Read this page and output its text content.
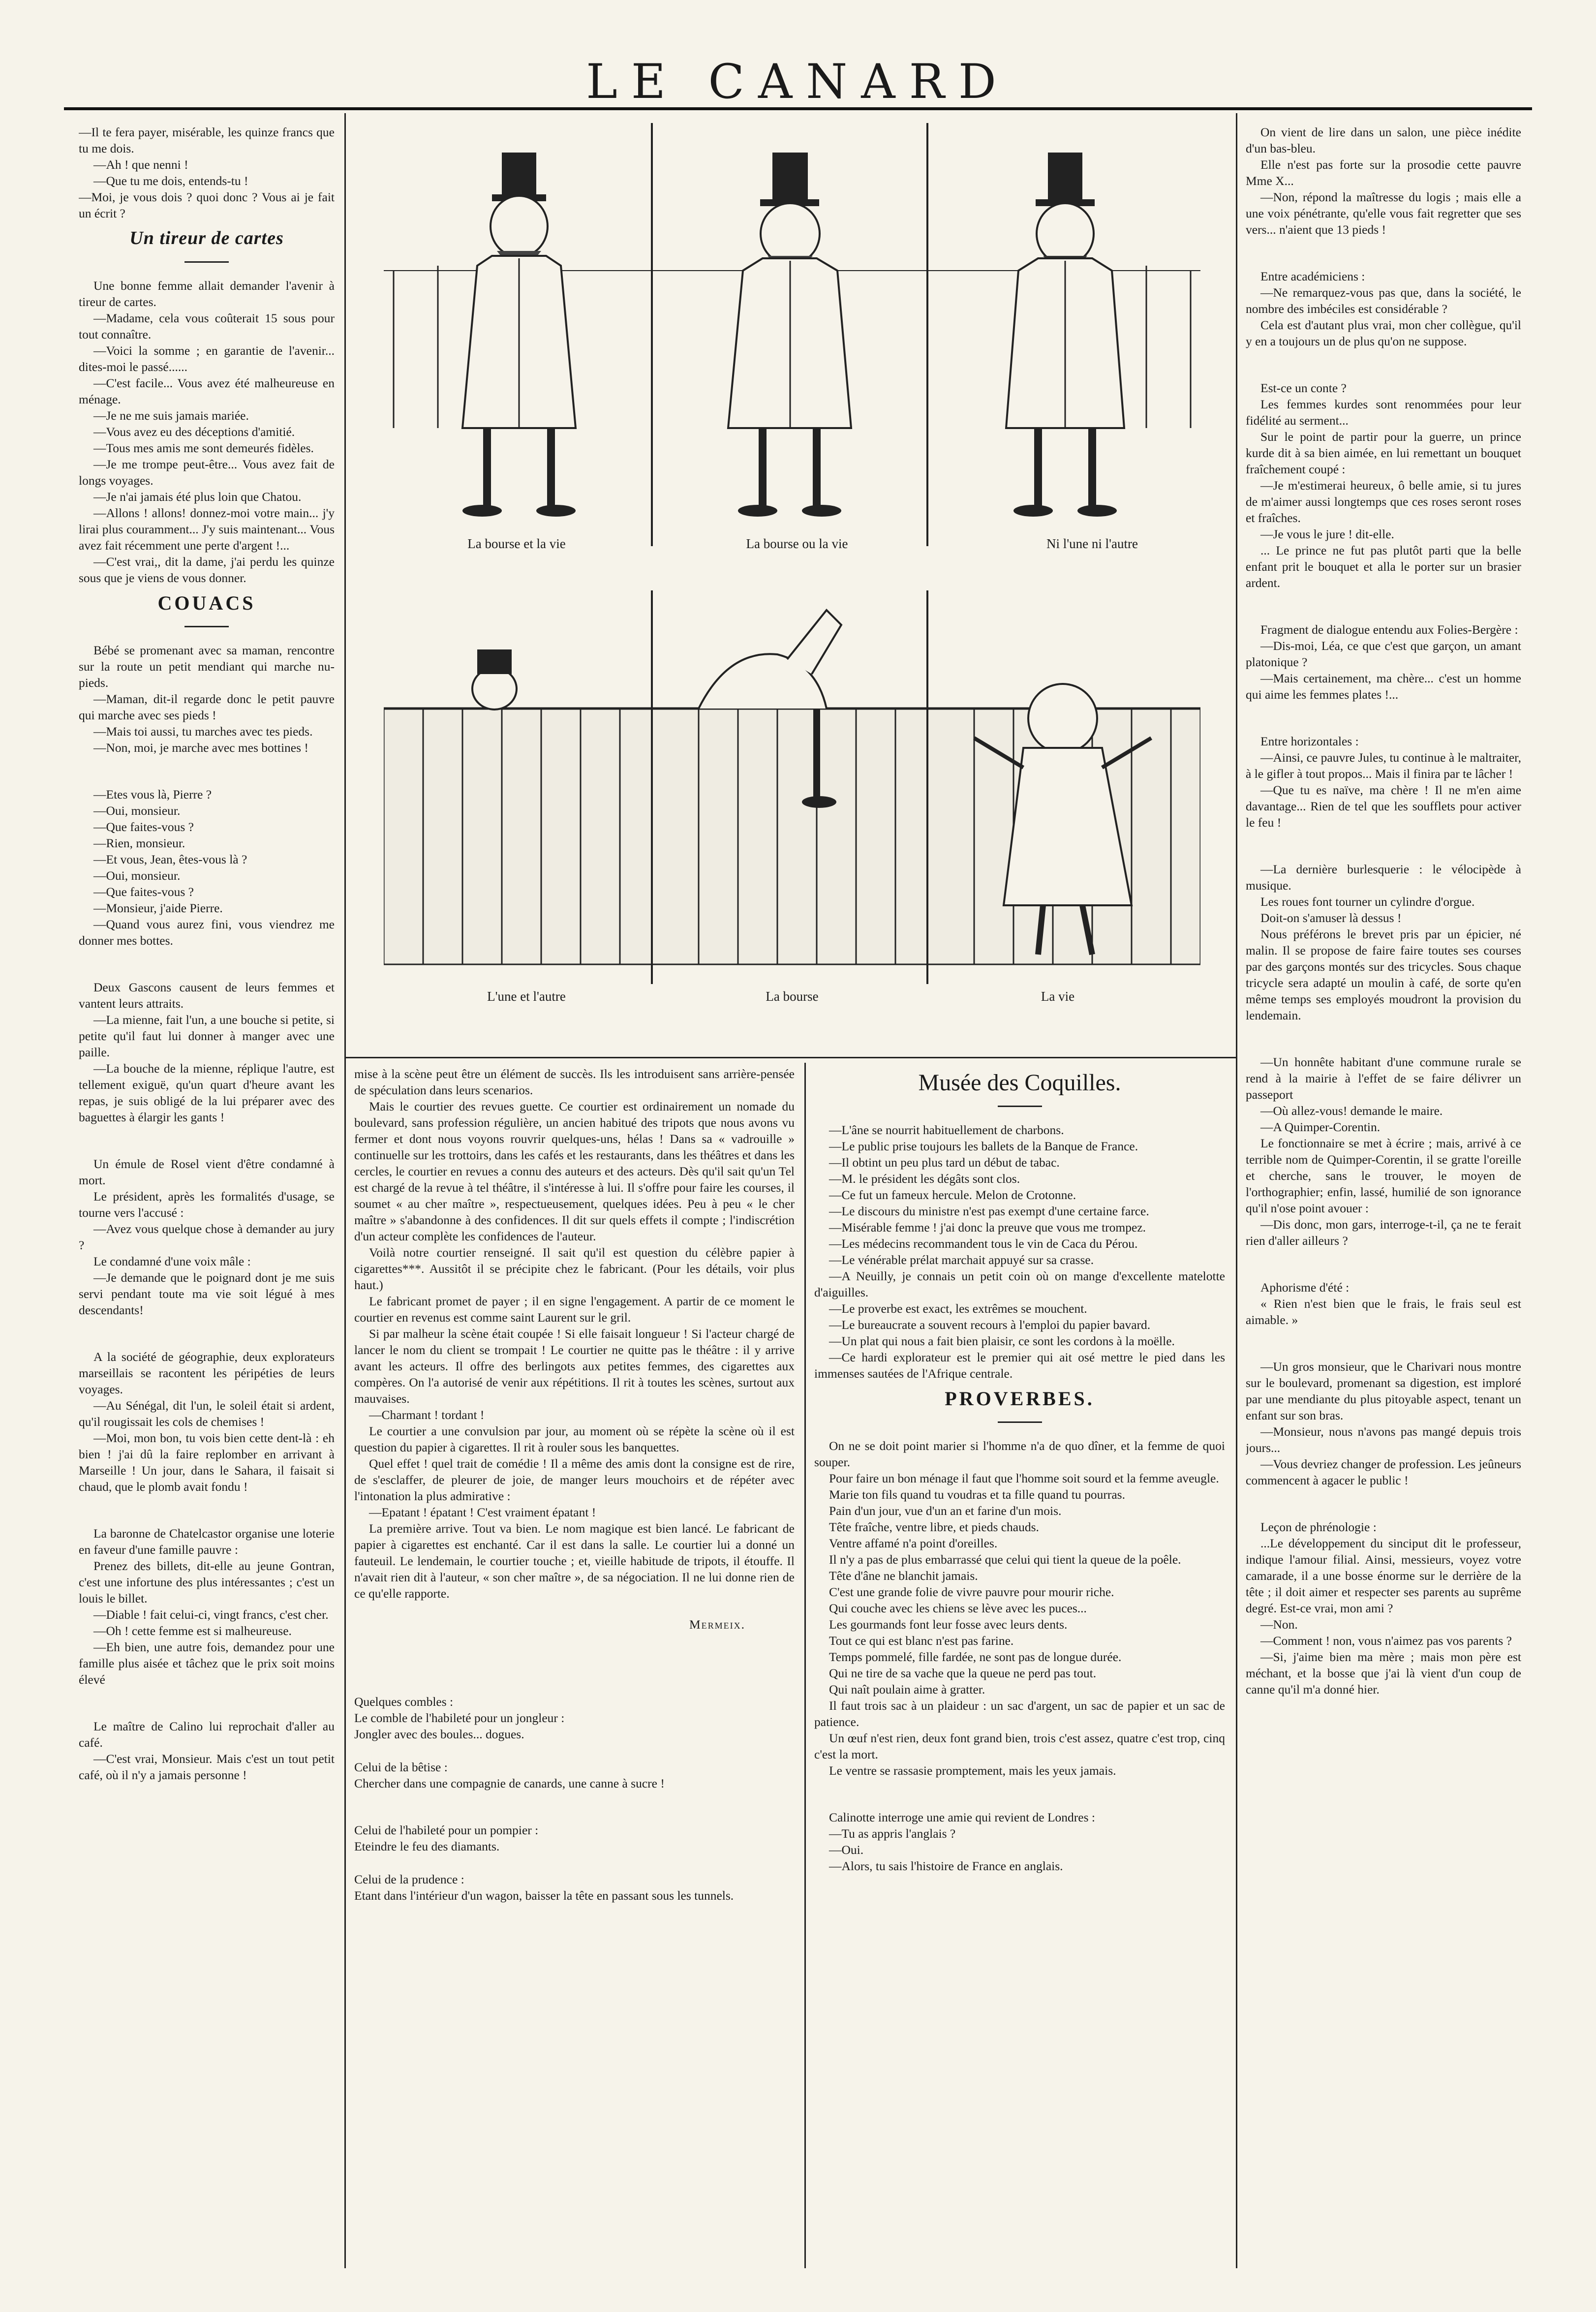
LE CANARD

—Il te fera payer, misérable, les quinze francs que tu me dois.

—Ah ! que nenni !

—Que tu me dois, entends-tu !

—Moi, je vous dois ? quoi donc ? Vous ai je fait un écrit ?

Un tireur de cartes

Une bonne femme allait demander l'avenir à tireur de cartes.

—Madame, cela vous coûterait 15 sous pour tout connaître.

—Voici la somme ; en garantie de l'avenir... dites-moi le passé......

—C'est facile... Vous avez été malheureuse en ménage.

—Je ne me suis jamais mariée.

—Vous avez eu des déceptions d'amitié.

—Tous mes amis me sont demeurés fidèles.

—Je me trompe peut-être... Vous avez fait de longs voyages.

—Je n'ai jamais été plus loin que Chatou.

—Allons ! allons! donnez-moi votre main... j'y lirai plus couramment... J'y suis maintenant... Vous avez fait récemment une perte d'argent !...

—C'est vrai,, dit la dame, j'ai perdu les quinze sous que je viens de vous donner.

COUACS

Bébé se promenant avec sa maman, rencontre sur la route un petit mendiant qui marche nu-pieds.

—Maman, dit-il regarde donc le petit pauvre qui marche avec ses pieds !

—Mais toi aussi, tu marches avec tes pieds.

—Non, moi, je marche avec mes bottines !

—Etes vous là, Pierre ?

—Oui, monsieur.

—Que faites-vous ?

—Rien, monsieur.

—Et vous, Jean, êtes-vous là ?

—Oui, monsieur.

—Que faites-vous ?

—Monsieur, j'aide Pierre.

—Quand vous aurez fini, vous viendrez me donner mes bottes.

Deux Gascons causent de leurs femmes et vantent leurs attraits.

—La mienne, fait l'un, a une bouche si petite, si petite qu'il faut lui donner à manger avec une paille.

—La bouche de la mienne, réplique l'autre, est tellement exiguë, qu'un quart d'heure avant les repas, je suis obligé de la lui préparer avec des baguettes à élargir les gants !

Un émule de Rosel vient d'être condamné à mort.

Le président, après les formalités d'usage, se tourne vers l'accusé :

—Avez vous quelque chose à demander au jury ?

Le condamné d'une voix mâle :

—Je demande que le poignard dont je me suis servi pendant toute ma vie soit légué à mes descendants!

A la société de géographie, deux explorateurs marseillais se racontent les péripéties de leurs voyages.

—Au Sénégal, dit l'un, le soleil était si ardent, qu'il rougissait les cols de chemises !

—Moi, mon bon, tu vois bien cette dent-là : eh bien ! j'ai dû la faire replomber en arrivant à Marseille ! Un jour, dans le Sahara, il faisait si chaud, que le plomb avait fondu !

La baronne de Chatelcastor organise une loterie en faveur d'une famille pauvre :

Prenez des billets, dit-elle au jeune Gontran, c'est une infortune des plus intéressantes ; c'est un louis le billet.

—Diable ! fait celui-ci, vingt francs, c'est cher.

—Oh ! cette femme est si malheureuse.

—Eh bien, une autre fois, demandez pour une famille plus aisée et tâchez que le prix soit moins élevé

Le maître de Calino lui reprochait d'aller au café.

—C'est vrai, Monsieur. Mais c'est un tout petit café, où il n'y a jamais personne !

La bourse et la vie	La bourse ou la vie	Ni l'une ni l'autre
L'une et l'autre	La bourse	La vie

mise à la scène peut être un élément de succès. Ils les introduisent sans arrière-pensée de spéculation dans leurs scenarios.

Mais le courtier des revues guette. Ce courtier est ordinairement un nomade du boulevard, sans profession régulière, un ancien habitué des tripots que nous avons vu fermer et dont nous voyons rouvrir quelques-uns, hélas ! Dans sa « vadrouille » continuelle sur les trottoirs, dans les cafés et les restaurants, dans les théâtres et dans les cercles, le courtier en revues a connu des auteurs et des acteurs. Dès qu'il sait qu'un Tel est chargé de la revue à tel théâtre, il s'intéresse à lui. Il s'offre pour faire les courses, il soumet « au cher maître », respectueusement, quelques idées. Peu à peu « le cher maître » s'abandonne à des confidences. Il dit sur quels effets il compte ; l'indiscrétion d'un acteur complète les confidences de l'auteur.

Voilà notre courtier renseigné. Il sait qu'il est question du célèbre papier à cigarettes***. Aussitôt il se précipite chez le fabricant. (Pour les détails, voir plus haut.)

Le fabricant promet de payer ; il en signe l'engagement. A partir de ce moment le courtier en revenus est comme saint Laurent sur le gril.

Si par malheur la scène était coupée ! Si elle faisait longueur ! Si l'acteur chargé de lancer le nom du client se trompait ! Le courtier ne quitte pas le théâtre : il y arrive avant les acteurs. Il offre des berlingots aux petites femmes, des cigarettes aux compères. On l'a autorisé de venir aux répétitions. Il rit à toutes les scènes, surtout aux mauvaises.

—Charmant ! tordant !

Le courtier a une convulsion par jour, au moment où se répète la scène où il est question du papier à cigarettes. Il rit à rouler sous les banquettes.

Quel effet ! quel trait de comédie ! Il a même des amis dont la consigne est de rire, de s'esclaffer, de pleurer de joie, de manger leurs mouchoirs et de répéter avec l'intonation la plus admirative :

—Epatant ! épatant ! C'est vraiment épatant !

La première arrive. Tout va bien. Le nom magique est bien lancé. Le fabricant de papier à cigarettes est enchanté. Car il est dans la salle. Le courtier lui a donné un fauteuil. Le lendemain, le courtier touche ; et, vieille habitude de tripots, il étouffe. Il n'avait rien dit à l'auteur, « son cher maître », de sa négociation. Il ne lui donne rien de ce qu'elle rapporte.

Mermeix.

Quelques combles :

Le comble de l'habileté pour un jongleur :

Jongler avec des boules... dogues.

Celui de la bêtise :

Chercher dans une compagnie de canards, une canne à sucre !

Celui de l'habileté pour un pompier :

Eteindre le feu des diamants.

Celui de la prudence :

Etant dans l'intérieur d'un wagon, baisser la tête en passant sous les tunnels.

Musée des Coquilles.

—L'âne se nourrit habituellement de charbons.

—Le public prise toujours les ballets de la Banque de France.

—Il obtint un peu plus tard un début de tabac.

—M. le président les dégâts sont clos.

—Ce fut un fameux hercule. Melon de Crotonne.

—Le discours du ministre n'est pas exempt d'une certaine farce.

—Misérable femme ! j'ai donc la preuve que vous me trompez.

—Les médecins recommandent tous le vin de Caca du Pérou.

—Le vénérable prélat marchait appuyé sur sa crasse.

—A Neuilly, je connais un petit coin où on mange d'excellente matelotte d'aiguilles.

—Le proverbe est exact, les extrêmes se mouchent.

—Le bureaucrate a souvent recours à l'emploi du papier bavard.

—Un plat qui nous a fait bien plaisir, ce sont les cordons à la moëlle.

—Ce hardi explorateur est le premier qui ait osé mettre le pied dans les immenses sautées de l'Afrique centrale.

PROVERBES.

On ne se doit point marier si l'homme n'a de quo dîner, et la femme de quoi souper.

Pour faire un bon ménage il faut que l'homme soit sourd et la femme aveugle.

Marie ton fils quand tu voudras et ta fille quand tu pourras.

Pain d'un jour, vue d'un an et farine d'un mois.

Tête fraîche, ventre libre, et pieds chauds.

Ventre affamé n'a point d'oreilles.

Il n'y a pas de plus embarrassé que celui qui tient la queue de la poêle.

Tête d'âne ne blanchit jamais.

C'est une grande folie de vivre pauvre pour mourir riche.

Qui couche avec les chiens se lève avec les puces...

Les gourmands font leur fosse avec leurs dents.

Tout ce qui est blanc n'est pas farine.

Temps pommelé, fille fardée, ne sont pas de longue durée.

Qui ne tire de sa vache que la queue ne perd pas tout.

Qui naît poulain aime à gratter.

Il faut trois sac à un plaideur : un sac d'argent, un sac de papier et un sac de patience.

Un œuf n'est rien, deux font grand bien, trois c'est assez, quatre c'est trop, cinq c'est la mort.

Le ventre se rassasie promptement, mais les yeux jamais.

Calinotte interroge une amie qui revient de Londres :

—Tu as appris l'anglais ?

—Oui.

—Alors, tu sais l'histoire de France en anglais.

On vient de lire dans un salon, une pièce inédite d'un bas-bleu.

Elle n'est pas forte sur la prosodie cette pauvre Mme X...

—Non, répond la maîtresse du logis ; mais elle a une voix pénétrante, qu'elle vous fait regretter que ses vers... n'aient que 13 pieds !

Entre académiciens :

—Ne remarquez-vous pas que, dans la société, le nombre des imbéciles est considérable ?

Cela est d'autant plus vrai, mon cher collègue, qu'il y en a toujours un de plus qu'on ne suppose.

Est-ce un conte ?

Les femmes kurdes sont renommées pour leur fidélité au serment...

Sur le point de partir pour la guerre, un prince kurde dit à sa bien aimée, en lui remettant un bouquet fraîchement coupé :

—Je m'estimerai heureux, ô belle amie, si tu jures de m'aimer aussi longtemps que ces roses seront roses et fraîches.

—Je vous le jure ! dit-elle.

... Le prince ne fut pas plutôt parti que la belle enfant prit le bouquet et alla le porter sur un brasier ardent.

Fragment de dialogue entendu aux Folies-Bergère :

—Dis-moi, Léa, ce que c'est que garçon, un amant platonique ?

—Mais certainement, ma chère... c'est un homme qui aime les femmes plates !...

Entre horizontales :

—Ainsi, ce pauvre Jules, tu continue à le maltraiter, à le gifler à tout propos... Mais il finira par te lâcher !

—Que tu es naïve, ma chère ! Il ne m'en aime davantage... Rien de tel que les soufflets pour activer le feu !

—La dernière burlesquerie : le vélocipède à musique.

Les roues font tourner un cylindre d'orgue.

Doit-on s'amuser là dessus !

Nous préférons le brevet pris par un épicier, né malin. Il se propose de faire faire toutes ses courses par des garçons montés sur des tricycles. Sous chaque tricycle sera adapté un moulin à café, de sorte qu'en même temps ses employés moudront la provision du lendemain.

—Un honnête habitant d'une commune rurale se rend à la mairie à l'effet de se faire délivrer un passeport

—Où allez-vous! demande le maire.

—A Quimper-Corentin.

Le fonctionnaire se met à écrire ; mais, arrivé à ce terrible nom de Quimper-Corentin, il se gratte l'oreille et cherche, sans le trouver, le moyen de l'orthographier; enfin, lassé, humilié de son ignorance qu'il n'ose point avouer :

—Dis donc, mon gars, interroge-t-il, ça ne te ferait rien d'aller ailleurs ?

Aphorisme d'été :

« Rien n'est bien que le frais, le frais seul est aimable. »

—Un gros monsieur, que le Charivari nous montre sur le boulevard, promenant sa digestion, est imploré par une mendiante du plus pitoyable aspect, tenant un enfant sur son bras.

—Monsieur, nous n'avons pas mangé depuis trois jours...

—Vous devriez changer de profession. Les jeûneurs commencent à agacer le public !

Leçon de phrénologie :

...Le développement du sinciput dit le professeur, indique l'amour filial. Ainsi, messieurs, voyez votre camarade, il a une bosse énorme sur le derrière de la tête ; il doit aimer et respecter ses parents au suprême degré. Est-ce vrai, mon ami ?

—Non.

—Comment ! non, vous n'aimez pas vos parents ?

—Si, j'aime bien ma mère ; mais mon père est méchant, et la bosse que j'ai là vient d'un coup de canne qu'il m'a donné hier.
